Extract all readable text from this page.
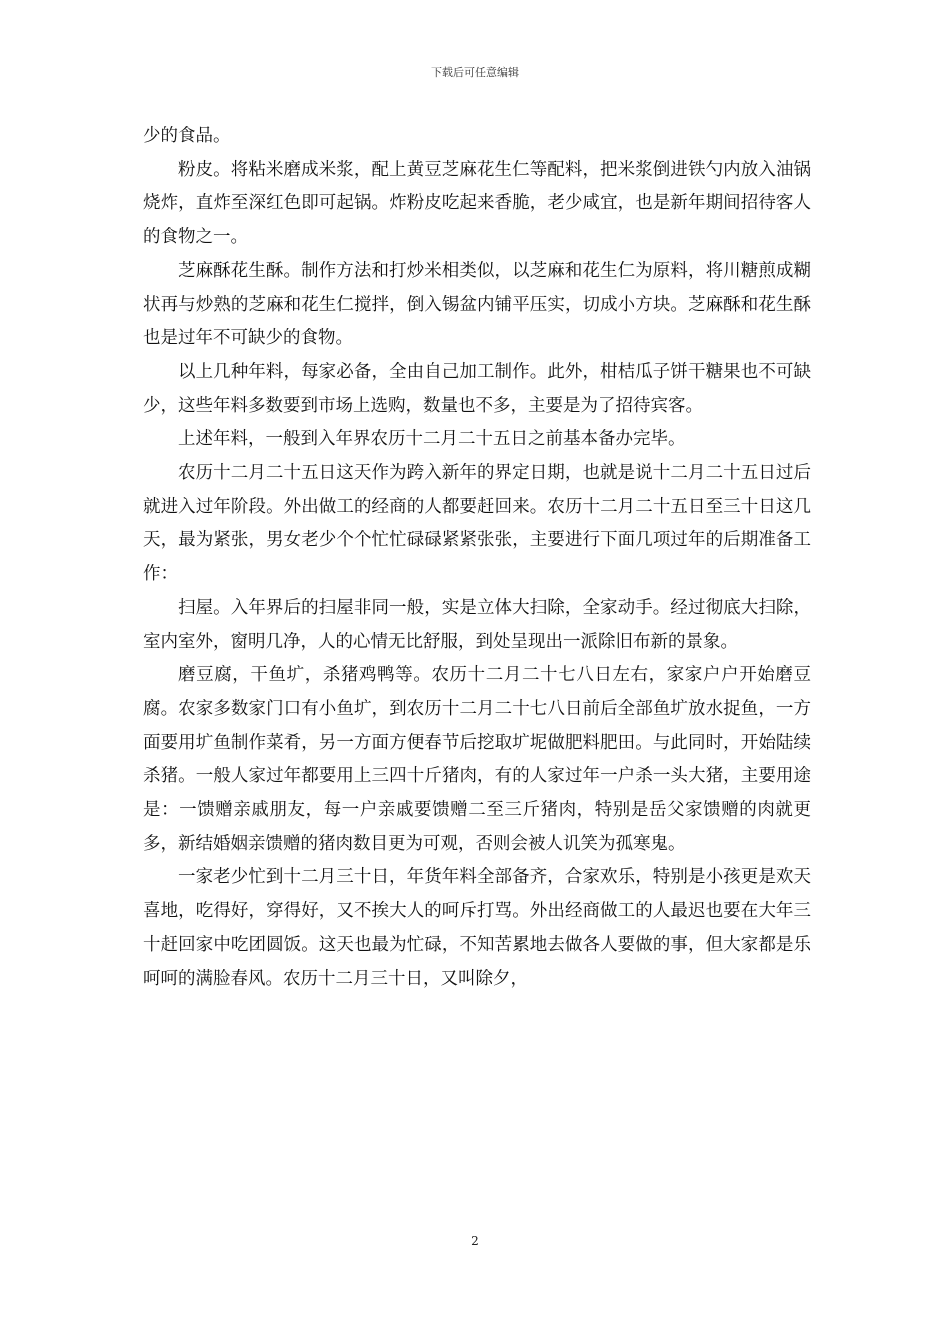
下载后可任意编辑

少的食品。

粉皮。将粘米磨成米浆，配上黄豆芝麻花生仁等配料，把米浆倒进铁勺内放入油锅烧炸，直炸至深红色即可起锅。炸粉皮吃起来香脆，老少咸宜，也是新年期间招待客人的食物之一。

芝麻酥花生酥。制作方法和打炒米相类似，以芝麻和花生仁为原料，将川糖煎成糊状再与炒熟的芝麻和花生仁搅拌，倒入锡盆内铺平压实，切成小方块。芝麻酥和花生酥也是过年不可缺少的食物。

以上几种年料，每家必备，全由自己加工制作。此外，柑桔瓜子饼干糖果也不可缺少，这些年料多数要到市场上选购，数量也不多，主要是为了招待宾客。

上述年料，一般到入年界农历十二月二十五日之前基本备办完毕。

农历十二月二十五日这天作为跨入新年的界定日期，也就是说十二月二十五日过后就进入过年阶段。外出做工的经商的人都要赶回来。农历十二月二十五日至三十日这几天，最为紧张，男女老少个个忙忙碌碌紧紧张张，主要进行下面几项过年的后期准备工作：

扫屋。入年界后的扫屋非同一般，实是立体大扫除，全家动手。经过彻底大扫除，室内室外，窗明几净，人的心情无比舒服，到处呈现出一派除旧布新的景象。

磨豆腐，干鱼圹，杀猪鸡鸭等。农历十二月二十七八日左右，家家户户开始磨豆腐。农家多数家门口有小鱼圹，到农历十二月二十七八日前后全部鱼圹放水捉鱼，一方面要用圹鱼制作菜肴，另一方面方便春节后挖取圹坭做肥料肥田。与此同时，开始陆续杀猪。一般人家过年都要用上三四十斤猪肉，有的人家过年一户杀一头大猪，主要用途是：一馈赠亲戚朋友，每一户亲戚要馈赠二至三斤猪肉，特别是岳父家馈赠的肉就更多，新结婚姻亲馈赠的猪肉数目更为可观，否则会被人讥笑为孤寒鬼。

一家老少忙到十二月三十日，年货年料全部备齐，合家欢乐，特别是小孩更是欢天喜地，吃得好，穿得好，又不挨大人的呵斥打骂。外出经商做工的人最迟也要在大年三十赶回家中吃团圆饭。这天也最为忙碌，不知苦累地去做各人要做的事，但大家都是乐呵呵的满脸春风。农历十二月三十日，又叫除夕，

2
